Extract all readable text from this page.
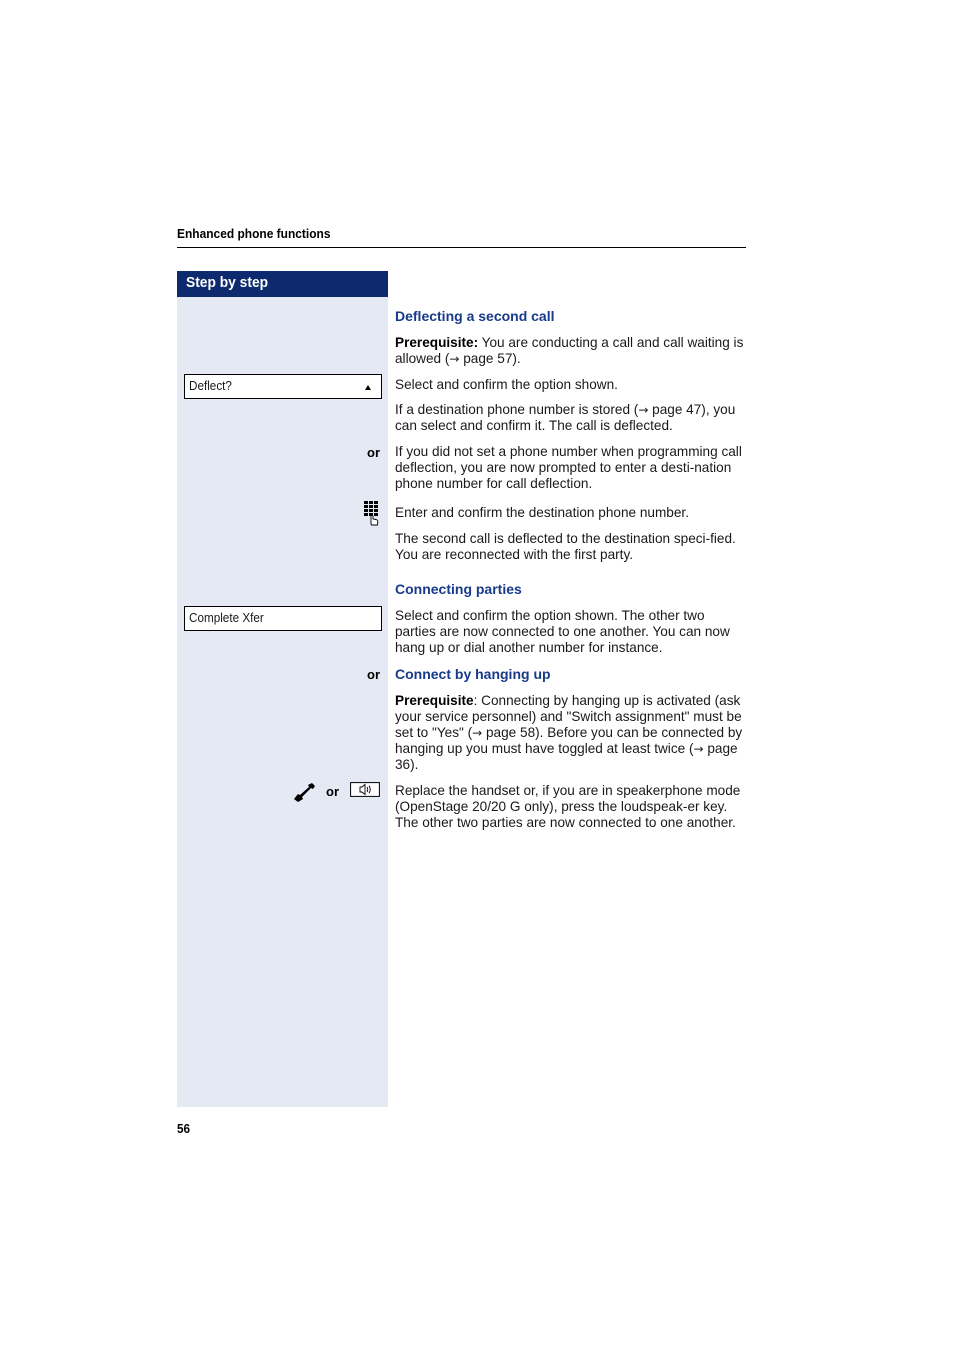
Enhanced phone functions
Step by step
Deflect?
or
Complete Xfer
or
or
Deflecting a second call
Prerequisite: You are conducting a call and call waiting is allowed (→ page 57).
Select and confirm the option shown.
If a destination phone number is stored (→ page 47), you can select and confirm it. The call is deflected.
If you did not set a phone number when programming call deflection, you are now prompted to enter a desti-nation phone number for call deflection.
Enter and confirm the destination phone number.
The second call is deflected to the destination speci-fied. You are reconnected with the first party.
Connecting parties
Select and confirm the option shown. The other two parties are now connected to one another. You can now hang up or dial another number for instance.
Connect by hanging up
Prerequisite: Connecting by hanging up is activated (ask your service personnel) and "Switch assignment" must be set to "Yes" (→ page 58). Before you can be connected by hanging up you must have toggled at least twice (→ page 36).
Replace the handset or, if you are in speakerphone mode (OpenStage 20/20 G only), press the loudspeak-er key. The other two parties are now connected to one another.
56
